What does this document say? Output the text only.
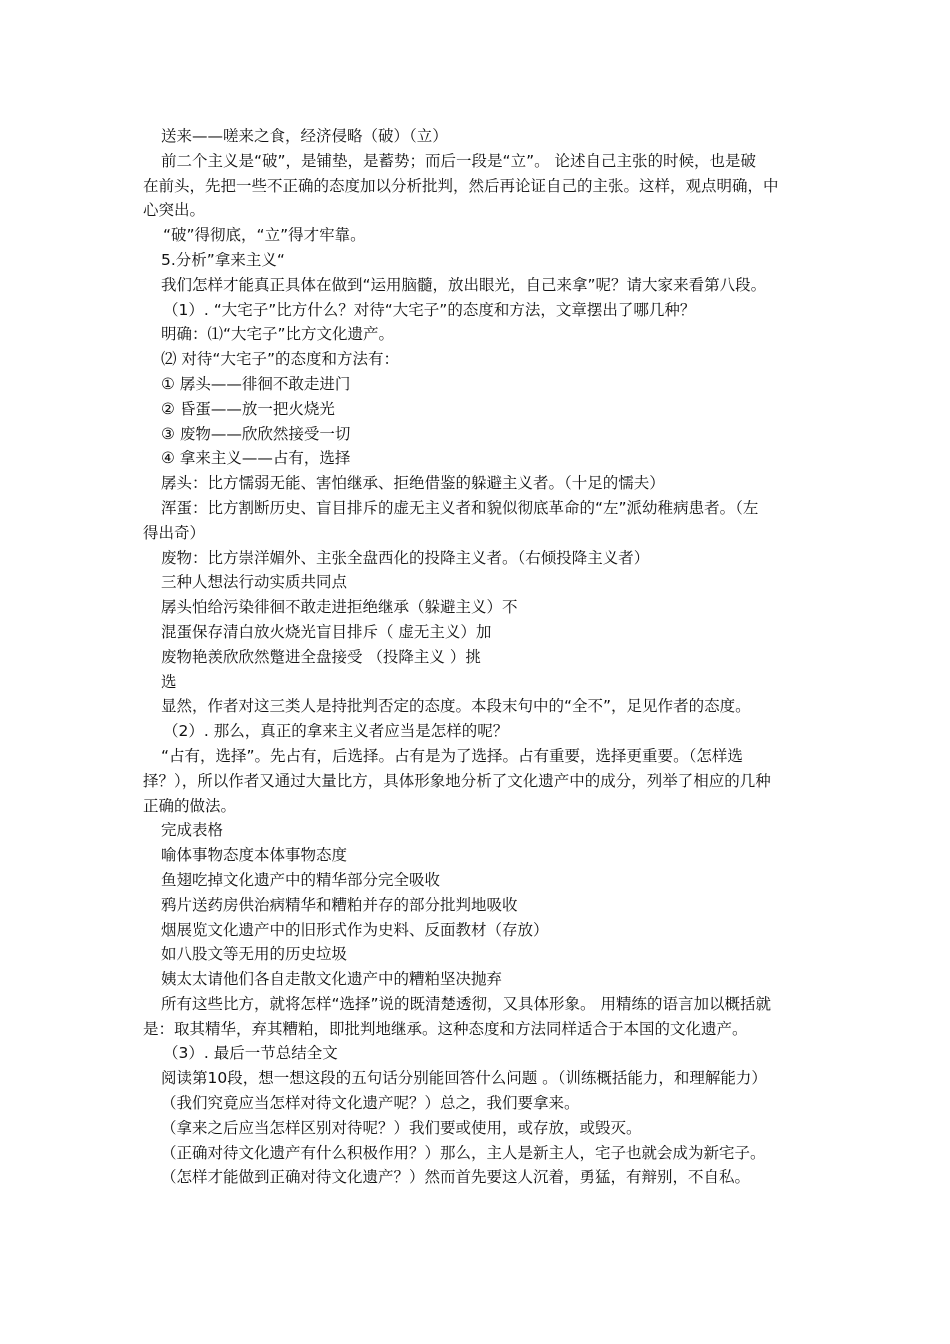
送来——嗟来之食，经济侵略（破）（立）
前二个主义是“破”，是铺垫，是蓄势；而后一段是“立”。 论述自己主张的时候，也是破
在前头，先把一些不正确的态度加以分析批判，然后再论证自己的主张。这样，观点明确，中
心突出。
“破”得彻底，“立”得才牢靠。
5.分析”拿来主义“
我们怎样才能真正具体在做到“运用脑髓，放出眼光，自己来拿”呢？请大家来看第八段。
（1）. “大宅子”比方什么？对待“大宅子”的态度和方法，文章摆出了哪几种？
明确：⑴“大宅子”比方文化遗产。
⑵ 对待“大宅子”的态度和方法有：
① 孱头——徘徊不敢走进门
② 昏蛋——放一把火烧光
③ 废物——欣欣然接受一切
④ 拿来主义——占有，选择
孱头：比方懦弱无能、害怕继承、拒绝借鉴的躲避主义者。（十足的懦夫）
浑蛋：比方割断历史、盲目排斥的虚无主义者和貌似彻底革命的“左”派幼稚病患者。（左
得出奇）
废物：比方崇洋媚外、主张全盘西化的投降主义者。（右倾投降主义者）
三种人想法行动实质共同点
孱头怕给污染徘徊不敢走进拒绝继承（躲避主义）不
混蛋保存清白放火烧光盲目排斥（ 虚无主义）加
废物艳羡欣欣然蹩进全盘接受 （投降主义 ）挑
选
显然，作者对这三类人是持批判否定的态度。本段末句中的“全不”，足见作者的态度。
（2）. 那么，真正的拿来主义者应当是怎样的呢？
“占有，选择”。先占有，后选择。占有是为了选择。占有重要，选择更重要。（怎样选
择？），所以作者又通过大量比方，具体形象地分析了文化遗产中的成分，列举了相应的几种
正确的做法。
完成表格
喻体事物态度本体事物态度
鱼翅吃掉文化遗产中的精华部分完全吸收
鸦片送药房供治病精华和糟粕并存的部分批判地吸收
烟展览文化遗产中的旧形式作为史料、反面教材（存放）
如八股文等无用的历史垃圾
姨太太请他们各自走散文化遗产中的糟粕坚决抛弃
所有这些比方，就将怎样“选择”说的既清楚透彻，又具体形象。 用精练的语言加以概括就
是：取其精华，弃其糟粕，即批判地继承。这种态度和方法同样适合于本国的文化遗产。
（3）. 最后一节总结全文
阅读第10段，想一想这段的五句话分别能回答什么问题 。（训练概括能力，和理解能力）
（我们究竟应当怎样对待文化遗产呢？）总之，我们要拿来。
（拿来之后应当怎样区别对待呢？）我们要或使用，或存放，或毁灭。
（正确对待文化遗产有什么积极作用？）那么，主人是新主人，宅子也就会成为新宅子。
（怎样才能做到正确对待文化遗产？）然而首先要这人沉着，勇猛，有辩别，不自私。
